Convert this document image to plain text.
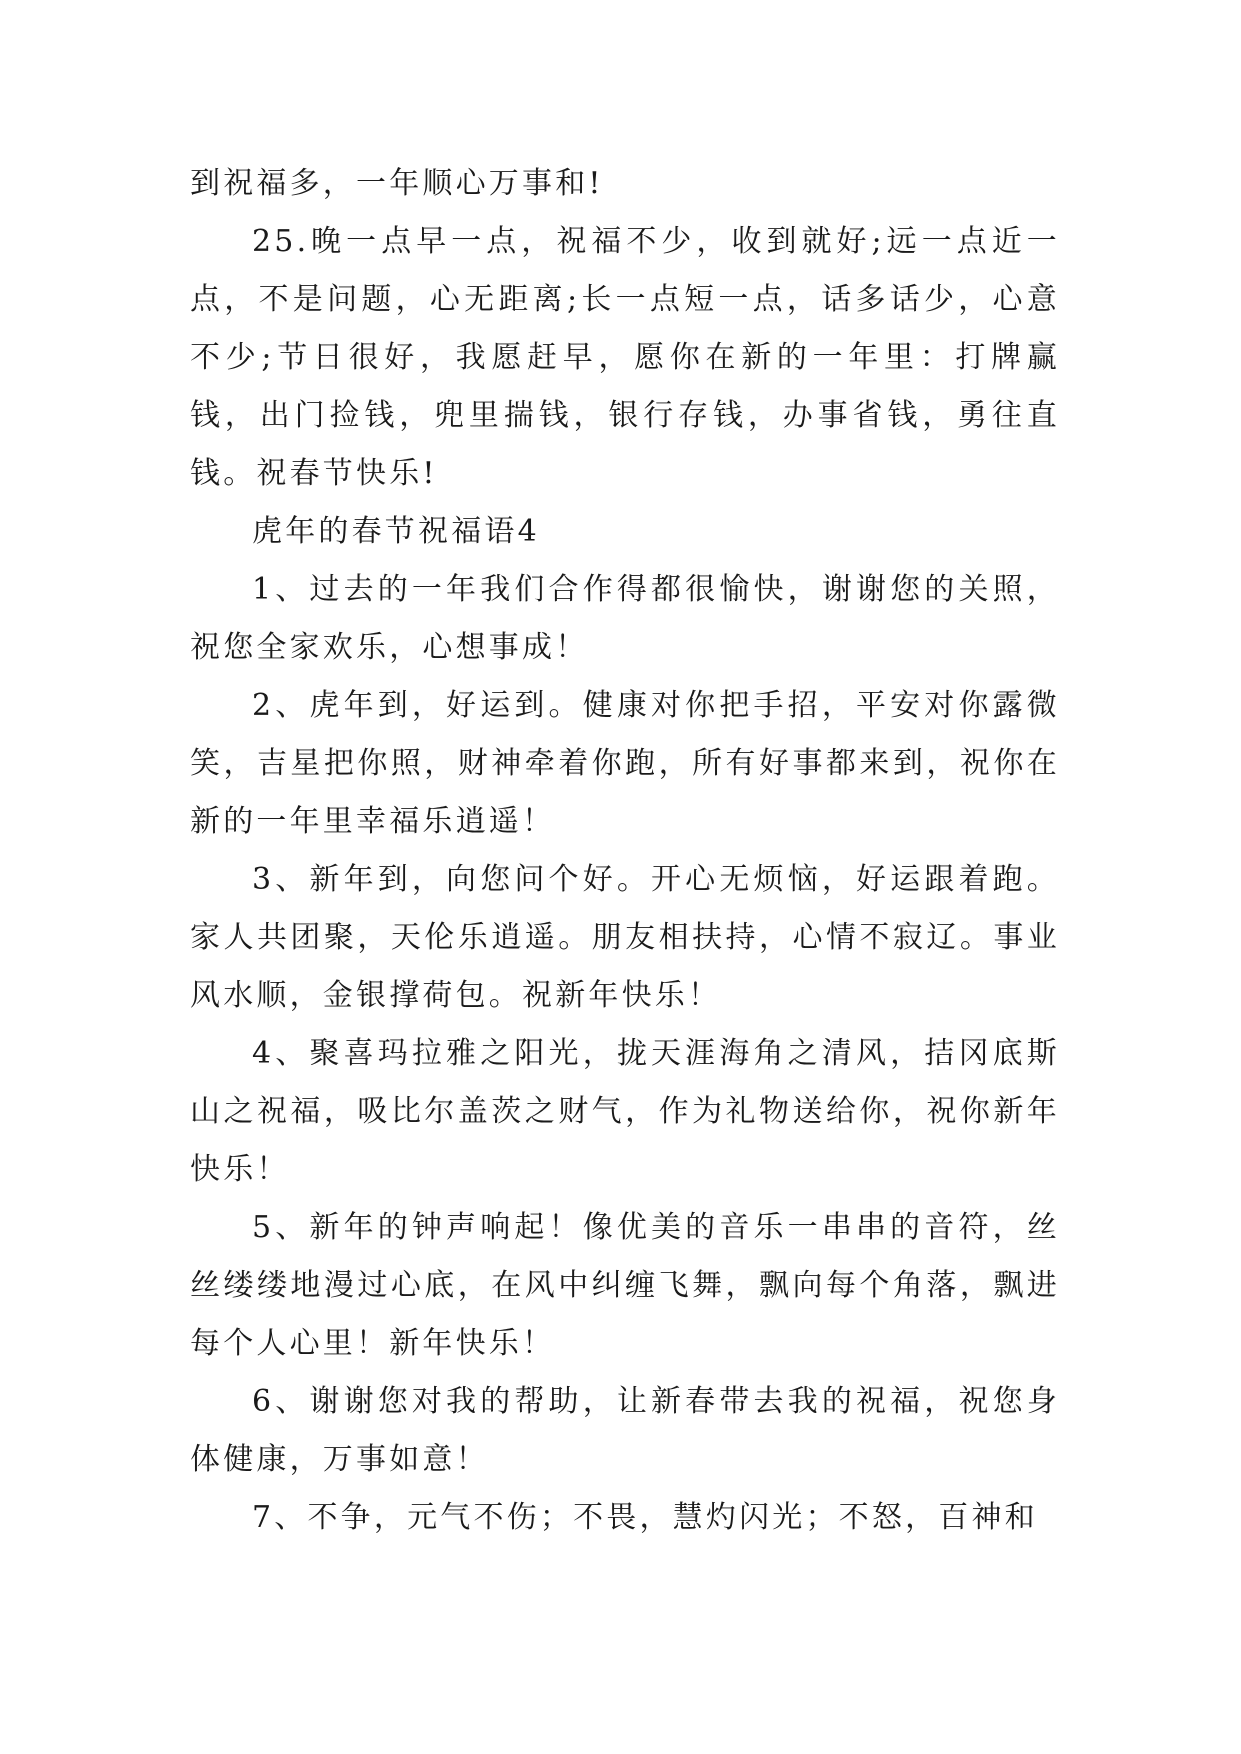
到祝福多，一年顺心万事和!

25.晚一点早一点，祝福不少，收到就好;远一点近一点，不是问题，心无距离;长一点短一点，话多话少，心意不少;节日很好，我愿赶早，愿你在新的一年里：打牌赢钱，出门捡钱，兜里揣钱，银行存钱，办事省钱，勇往直钱。祝春节快乐!

虎年的春节祝福语4

1、过去的一年我们合作得都很愉快，谢谢您的关照，祝您全家欢乐，心想事成！

2、虎年到，好运到。健康对你把手招，平安对你露微笑，吉星把你照，财神牵着你跑，所有好事都来到，祝你在新的一年里幸福乐逍遥！

3、新年到，向您问个好。开心无烦恼，好运跟着跑。家人共团聚，天伦乐逍遥。朋友相扶持，心情不寂辽。事业风水顺，金银撑荷包。祝新年快乐！

4、聚喜玛拉雅之阳光，拢天涯海角之清风，拮冈底斯山之祝福，吸比尔盖茨之财气，作为礼物送给你，祝你新年快乐！

5、新年的钟声响起！像优美的音乐一串串的音符，丝丝缕缕地漫过心底，在风中纠缠飞舞，飘向每个角落，飘进每个人心里！新年快乐！

6、谢谢您对我的帮助，让新春带去我的祝福，祝您身体健康，万事如意！

7、不争，元气不伤；不畏，慧灼闪光；不怒，百神和
